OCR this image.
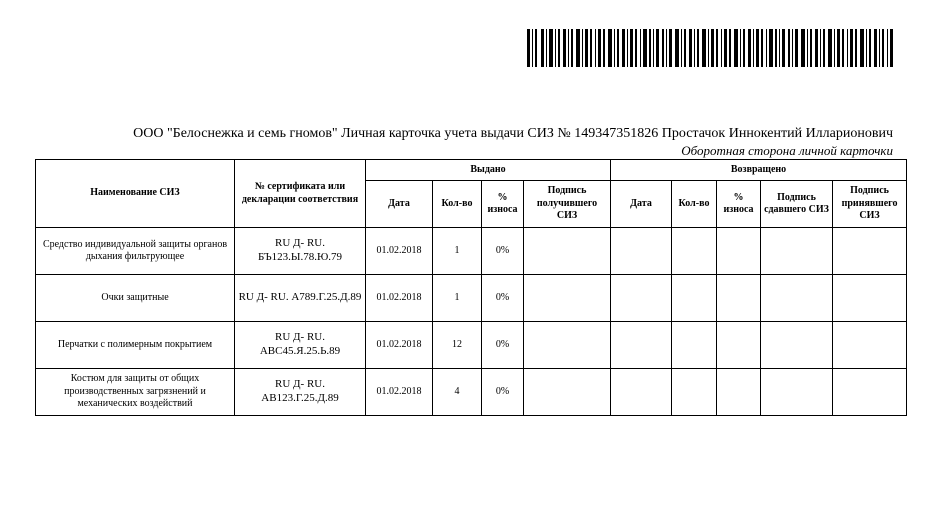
ООО "Белоснежка и семь гномов" Личная карточка учета выдачи СИЗ № 149347351826 Простачок Иннокентий Илларионович
Оборотная сторона личной карточки
Наименование СИЗ	№ сертификата или декларации соответствия	Выдано				Возвращено				
		Дата	Кол-во	% износа	Подпись получившего СИЗ	Дата	Кол-во	% износа	Подпись сдавшего СИЗ	Подпись принявшего СИЗ
Средство индивидуальной защиты органов дыхания фильтрующее	RU Д- RU. БЪ123.Ы.78.Ю.79	01.02.2018	1	0%						
Очки защитные	RU Д- RU. А789.Г.25.Д.89	01.02.2018	1	0%						
Перчатки с полимерным покрытием	RU Д- RU. АВС45.Я.25.Ь.89	01.02.2018	12	0%						
Костюм для защиты от общих производственных загрязнений и механических воздействий	RU Д- RU. АВ123.Г.25.Д.89	01.02.2018	4	0%						
